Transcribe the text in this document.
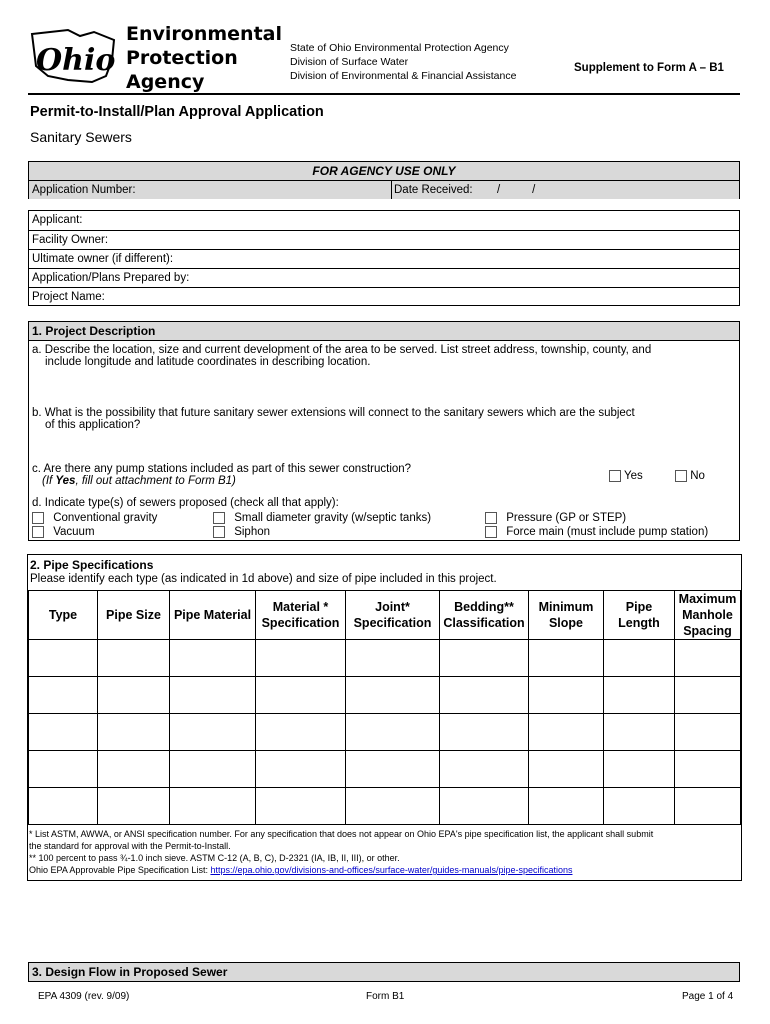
Ohio
Environmental
Protection
Agency
State of Ohio Environmental Protection Agency
Division of Surface Water
Division of Environmental & Financial Assistance
Supplement to Form A – B1
Permit-to-Install/Plan Approval Application
Sanitary Sewers
FOR AGENCY USE ONLY
Application Number:	Date Received: /          /
Applicant:
Facility Owner:
Ultimate owner (if different):
Application/Plans Prepared by:
Project Name:
1. Project Description
a. Describe the location, size and current development of the area to be served. List street address, township, county, and
include longitude and latitude coordinates in describing location.
b. What is the possibility that future sanitary sewer extensions will connect to the sanitary sewers which are the subject
of this application?
c. Are there any pump stations included as part of this sewer construction?
(If Yes, fill out attachment to Form B1)	Yes	No
d. Indicate type(s) of sewers proposed (check all that apply):
Conventional gravity	Small diameter gravity (w/septic tanks)	Pressure (GP or STEP)
Vacuum	Siphon	Force main (must include pump station)
2. Pipe Specifications
Please identify each type (as indicated in 1d above) and size of pipe included in this project.
Type	Pipe Size	Pipe Material	Material * Specification	Joint* Specification	Bedding** Classification	Minimum Slope	Pipe Length	Maximum Manhole Spacing

* List ASTM, AWWA, or ANSI specification number. For any specification that does not appear on Ohio EPA's pipe specification list, the applicant shall submit
the standard for approval with the Permit-to-Install.
** 100 percent to pass ¾-1.0 inch sieve. ASTM C-12 (A, B, C), D-2321 (IA, IB, II, III), or other.
Ohio EPA Approvable Pipe Specification List: https://epa.ohio.gov/divisions-and-offices/surface-water/guides-manuals/pipe-specifications
3. Design Flow in Proposed Sewer
EPA 4309 (rev. 9/09)	Form B1	Page 1 of 4
